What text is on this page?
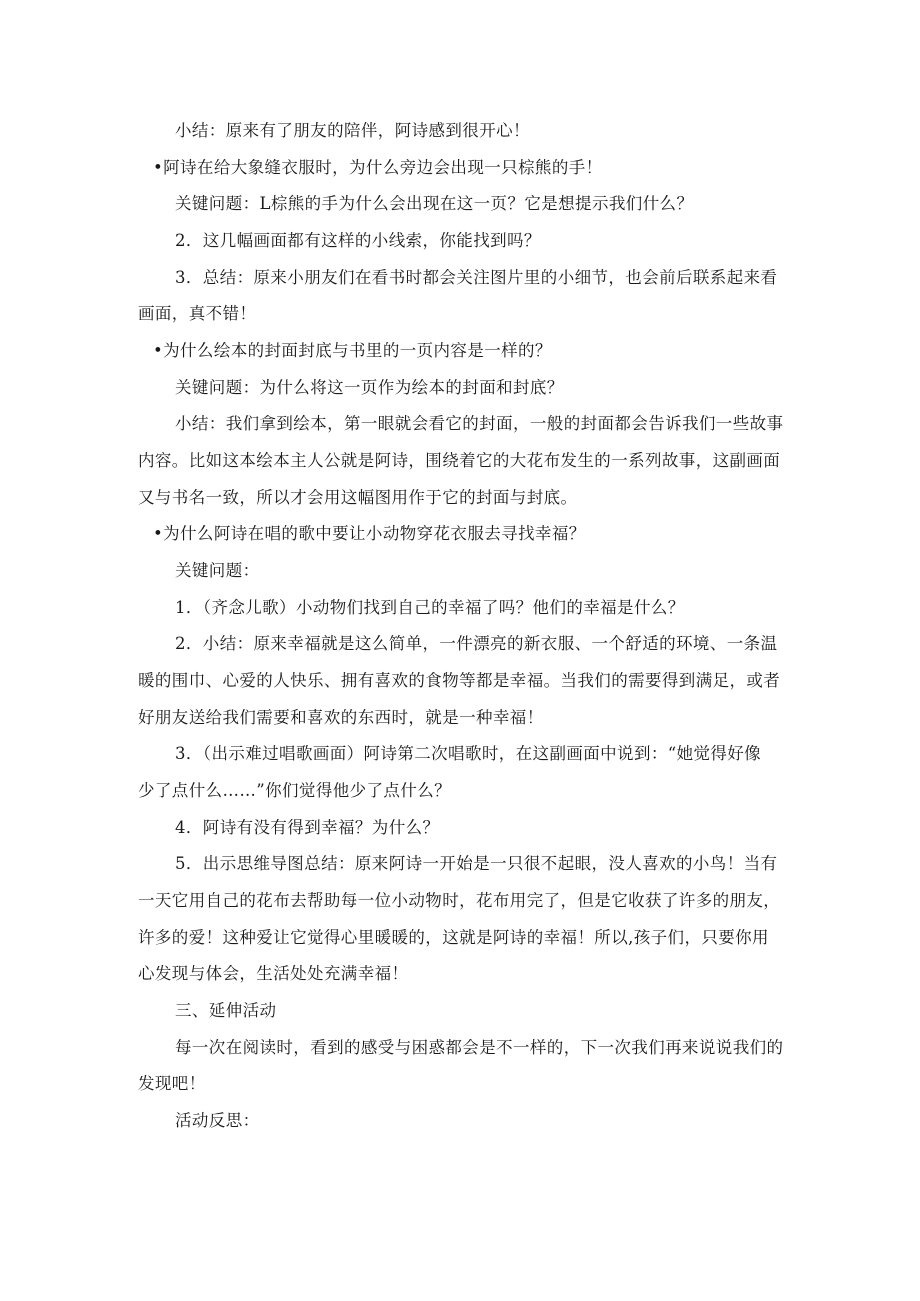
小结：原来有了朋友的陪伴，阿诗感到很开心！
•阿诗在给大象缝衣服时，为什么旁边会出现一只棕熊的手！
关键问题：L棕熊的手为什么会出现在这一页？它是想提示我们什么？
2．这几幅画面都有这样的小线索，你能找到吗？
3．总结：原来小朋友们在看书时都会关注图片里的小细节，也会前后联系起来看
画面，真不错！
•为什么绘本的封面封底与书里的一页内容是一样的？
关键问题：为什么将这一页作为绘本的封面和封底？
小结：我们拿到绘本，第一眼就会看它的封面，一般的封面都会告诉我们一些故事
内容。比如这本绘本主人公就是阿诗，围绕着它的大花布发生的一系列故事，这副画面
又与书名一致，所以才会用这幅图用作于它的封面与封底。
•为什么阿诗在唱的歌中要让小动物穿花衣服去寻找幸福？
关键问题：
1．（齐念儿歌）小动物们找到自己的幸福了吗？他们的幸福是什么？
2．小结：原来幸福就是这么简单，一件漂亮的新衣服、一个舒适的环境、一条温
暖的围巾、心爱的人快乐、拥有喜欢的食物等都是幸福。当我们的需要得到满足，或者
好朋友送给我们需要和喜欢的东西时，就是一种幸福！
3．（出示难过唱歌画面）阿诗第二次唱歌时，在这副画面中说到：“她觉得好像
少了点什么……”你们觉得他少了点什么？
4．阿诗有没有得到幸福？为什么？
5．出示思维导图总结：原来阿诗一开始是一只很不起眼，没人喜欢的小鸟！当有
一天它用自己的花布去帮助每一位小动物时，花布用完了，但是它收获了许多的朋友，
许多的爱！这种爱让它觉得心里暖暖的，这就是阿诗的幸福！所以,孩子们，只要你用
心发现与体会，生活处处充满幸福！
三、延伸活动
每一次在阅读时，看到的感受与困惑都会是不一样的，下一次我们再来说说我们的
发现吧！
活动反思：
